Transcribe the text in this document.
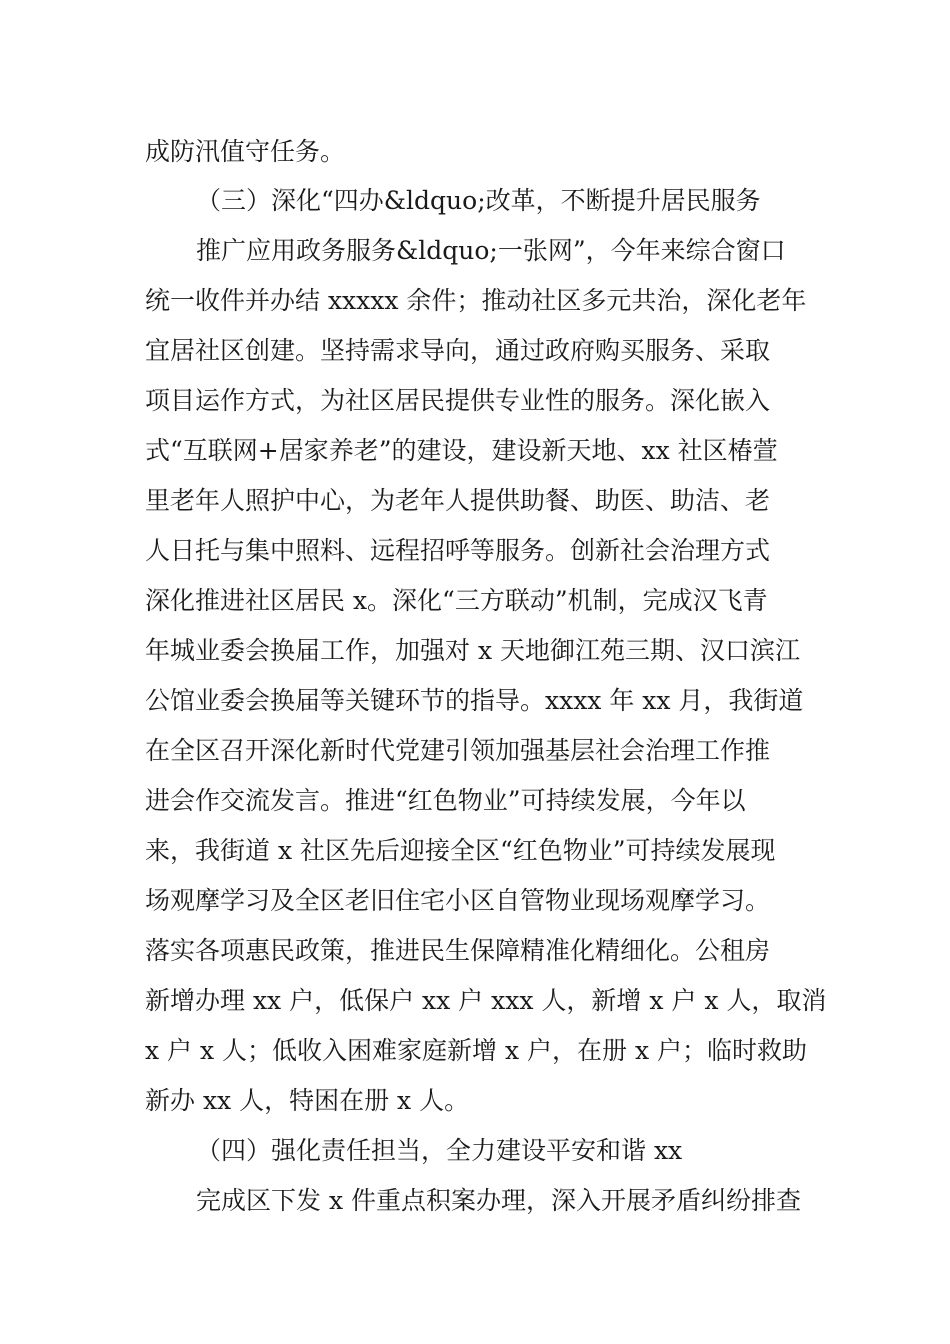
成防汛值守任务。
（三）深化“四办&ldquo;改革，不断提升居民服务
推广应用政务服务&ldquo;一张网”，今年来综合窗口
统一收件并办结 xxxxx 余件；推动社区多元共治，深化老年
宜居社区创建。坚持需求导向，通过政府购买服务、采取
项目运作方式，为社区居民提供专业性的服务。深化嵌入
式“互联网+居家养老”的建设，建设新天地、xx 社区椿萱
里老年人照护中心，为老年人提供助餐、助医、助洁、老
人日托与集中照料、远程招呼等服务。创新社会治理方式
深化推进社区居民 x。深化“三方联动”机制，完成汉飞青
年城业委会换届工作，加强对 x 天地御江苑三期、汉口滨江
公馆业委会换届等关键环节的指导。xxxx 年 xx 月，我街道
在全区召开深化新时代党建引领加强基层社会治理工作推
进会作交流发言。推进“红色物业”可持续发展，今年以
来，我街道 x 社区先后迎接全区“红色物业”可持续发展现
场观摩学习及全区老旧住宅小区自管物业现场观摩学习。
落实各项惠民政策，推进民生保障精准化精细化。公租房
新增办理 xx 户，低保户 xx 户 xxx 人，新增 x 户 x 人，取消
x 户 x 人；低收入困难家庭新增 x 户，在册 x 户；临时救助
新办 xx 人，特困在册 x 人。
（四）强化责任担当，全力建设平安和谐 xx
完成区下发 x 件重点积案办理，深入开展矛盾纠纷排查
